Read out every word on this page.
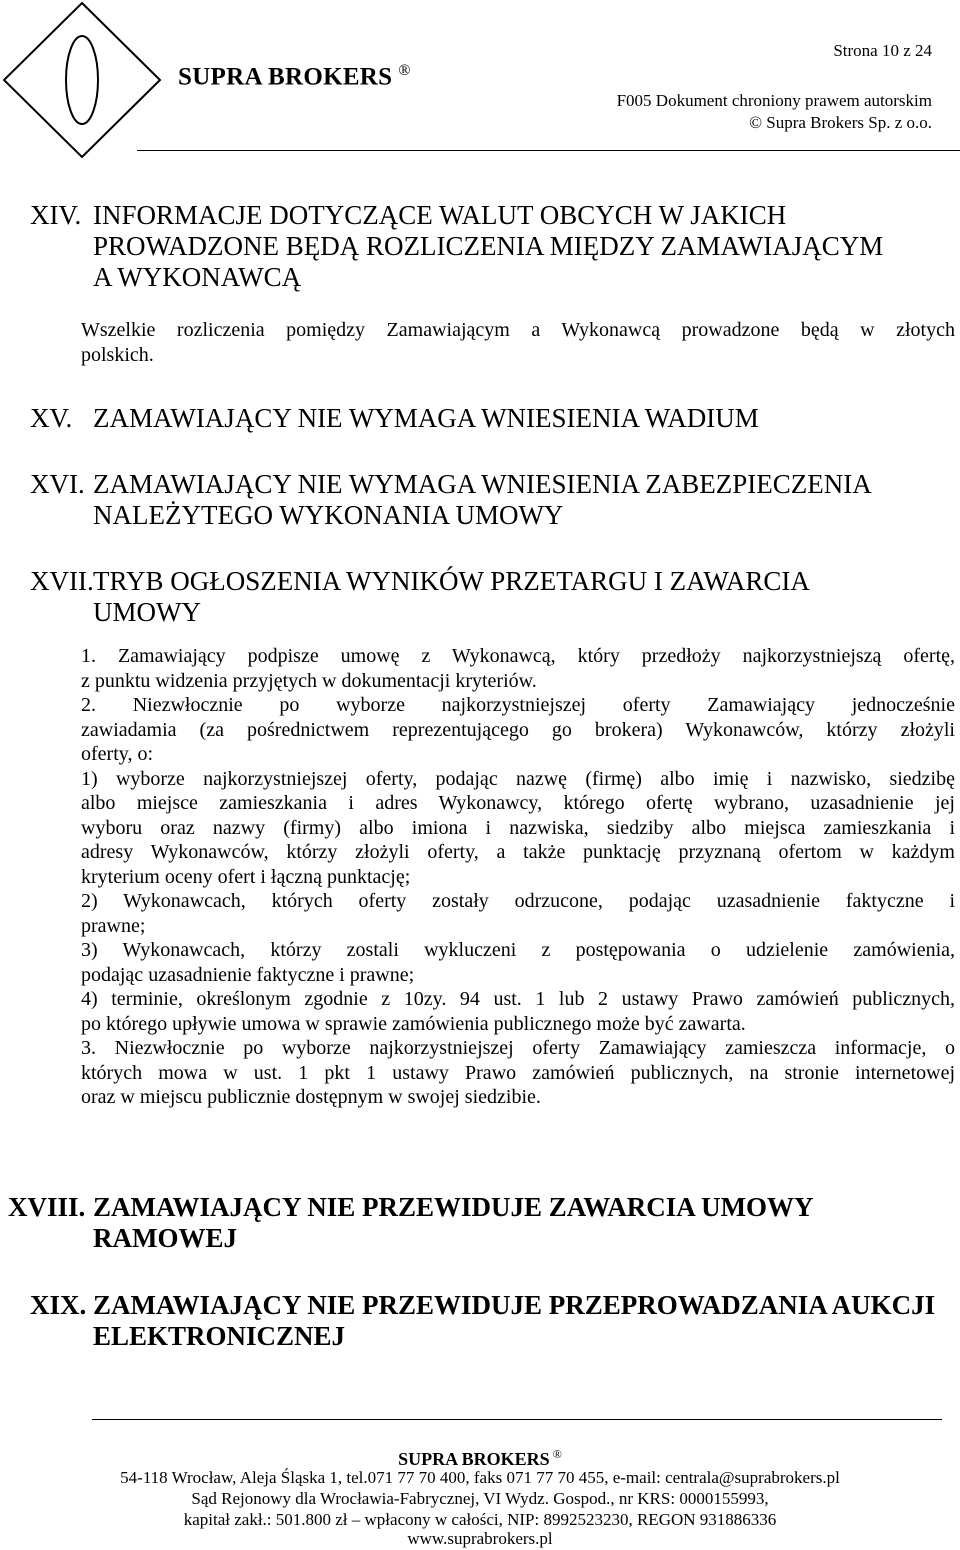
SUPRA BROKERS ®
Strona 10 z 24
F005 Dokument chroniony prawem autorskim
© Supra Brokers Sp. z o.o.
XIV. INFORMACJE DOTYCZĄCE WALUT OBCYCH W JAKICH
PROWADZONE BĘDĄ ROZLICZENIA MIĘDZY ZAMAWIAJĄCYM
A WYKONAWCĄ
Wszelkie rozliczenia pomiędzy Zamawiającym a Wykonawcą prowadzone będą w złotych
polskich.
XV. ZAMAWIAJĄCY NIE WYMAGA WNIESIENIA WADIUM
XVI. ZAMAWIAJĄCY NIE WYMAGA WNIESIENIA ZABEZPIECZENIA
NALEŻYTEGO WYKONANIA UMOWY
XVII. TRYB OGŁOSZENIA WYNIKÓW PRZETARGU I ZAWARCIA
UMOWY
1. Zamawiający podpisze umowę z Wykonawcą, który przedłoży najkorzystniejszą ofertę,
z punktu widzenia przyjętych w dokumentacji kryteriów.
2. Niezwłocznie po wyborze najkorzystniejszej oferty Zamawiający jednocześnie
zawiadamia (za pośrednictwem reprezentującego go brokera) Wykonawców, którzy złożyli
oferty, o:
1) wyborze najkorzystniejszej oferty, podając nazwę (firmę) albo imię i nazwisko, siedzibę
albo miejsce zamieszkania i adres Wykonawcy, którego ofertę wybrano, uzasadnienie jej
wyboru oraz nazwy (firmy) albo imiona i nazwiska, siedziby albo miejsca zamieszkania i
adresy Wykonawców, którzy złożyli oferty, a także punktację przyznaną ofertom w każdym
kryterium oceny ofert i łączną punktację;
2) Wykonawcach, których oferty zostały odrzucone, podając uzasadnienie faktyczne i
prawne;
3) Wykonawcach, którzy zostali wykluczeni z postępowania o udzielenie zamówienia,
podając uzasadnienie faktyczne i prawne;
4) terminie, określonym zgodnie z 10zy. 94 ust. 1 lub 2 ustawy Prawo zamówień publicznych,
po którego upływie umowa w sprawie zamówienia publicznego może być zawarta.
3. Niezwłocznie po wyborze najkorzystniejszej oferty Zamawiający zamieszcza informacje, o
których mowa w ust. 1 pkt 1 ustawy Prawo zamówień publicznych, na stronie internetowej
oraz w miejscu publicznie dostępnym w swojej siedzibie.
XVIII. ZAMAWIAJĄCY NIE PRZEWIDUJE ZAWARCIA UMOWY
RAMOWEJ
XIX. ZAMAWIAJĄCY NIE PRZEWIDUJE PRZEPROWADZANIA AUKCJI
ELEKTRONICZNEJ
SUPRA BROKERS ®
54-118 Wrocław, Aleja Śląska 1, tel.071 77 70 400, faks 071 77 70 455, e-mail: centrala@suprabrokers.pl
Sąd Rejonowy dla Wrocławia-Fabrycznej, VI Wydz. Gospod., nr KRS: 0000155993,
kapitał zakł.: 501.800 zł – wpłacony w całości, NIP: 8992523230, REGON 931886336
www.suprabrokers.pl
